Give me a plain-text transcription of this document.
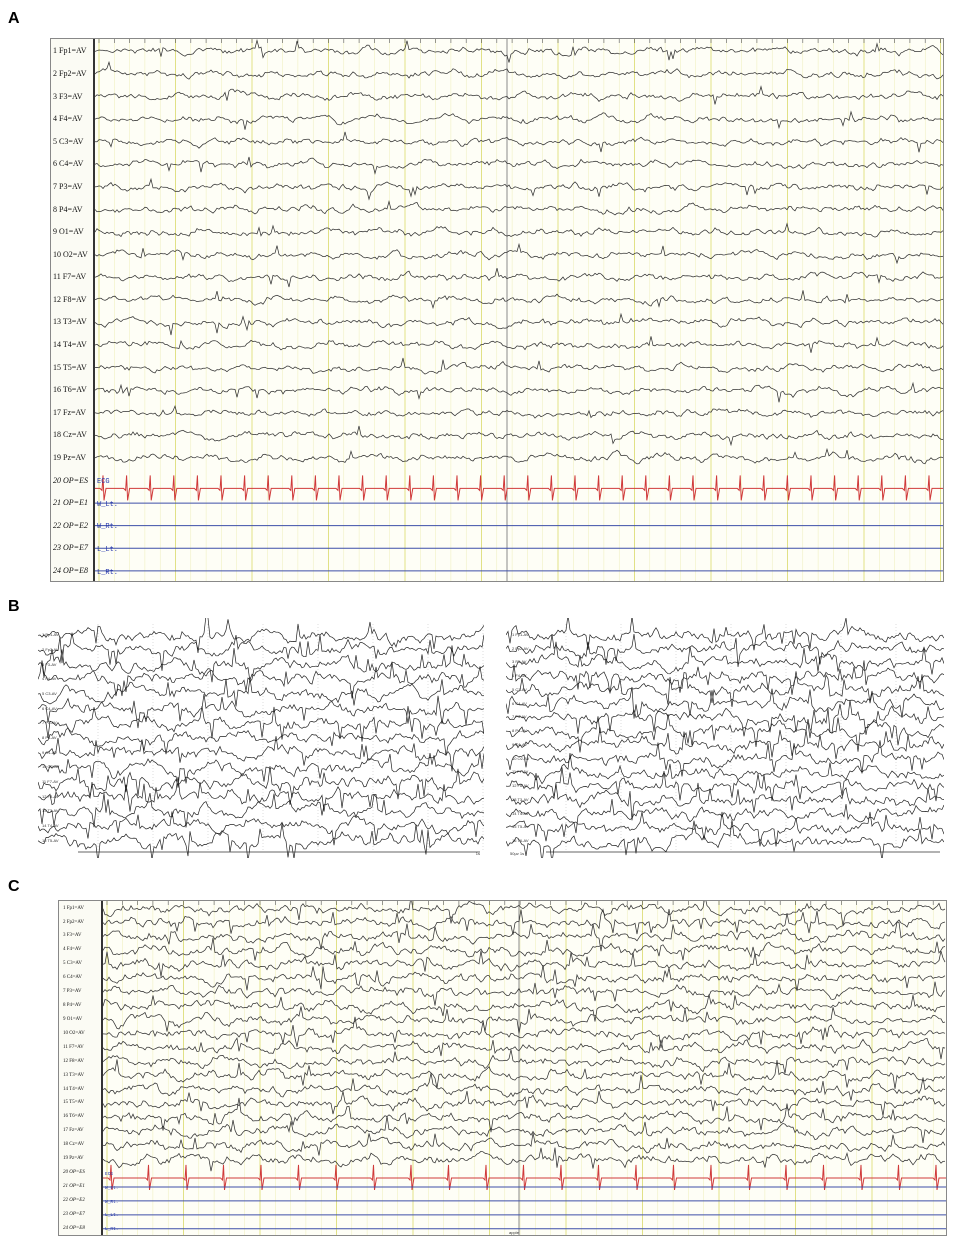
A
1 Fp1=AV
2 Fp2=AV
3 F3=AV
4 F4=AV
5 C3=AV
6 C4=AV
7 P3=AV
8 P4=AV
9 O1=AV
10 O2=AV
11 F7=AV
12 F8=AV
13 T3=AV
14 T4=AV
15 T5=AV
16 T6=AV
17 Fz=AV
18 Cz=AV
19 Pz=AV
20 OP=ES
21 OP=E1
22 OP=E2
23 OP=E7
24 OP=E8
ECG
W_Lt.
W_Rt.
L_Lt.
L_Rt.
B
1 Fp1-AV
2 Fp2-AV
3 F3-AV
4 F4-AV
5 C3-AV
6 C4-AV
7 P3-AV
8 P4-AV
9 O1-AV
10 O2-AV
11 F7-AV
12 F8-AV
13 T3-AV
14 T4-AV
15 T5-AV
1s
1 Fp1-AV
2 Fp2-AV
3 F3-AV
4 F4-AV
5 C3-AV
6 C4-AV
7 P3-AV
8 P4-AV
9 O1-AV
10 O2-AV
11 F7-AV
12 F8-AV
13 T3-AV
14 T4-AV
15 T5-AV
16 T6-AV
50µv 1s
C
1 Fp1=AV
2 Fp2=AV
3 F3=AV
4 F4=AV
5 C3=AV
6 C4=AV
7 P3=AV
8 P4=AV
9 O1=AV
10 O2=AV
11 F7=AV
12 F8=AV
13 T3=AV
14 T4=AV
15 T5=AV
16 T6=AV
17 Fz=AV
18 Cz=AV
19 Pz=AV
20 OP=ES
21 OP=E1
22 OP=E2
23 OP=E7
24 OP=E8
ECG
W_Lt.
W_Rt.
L_Lt.
L_Rt.
apple
